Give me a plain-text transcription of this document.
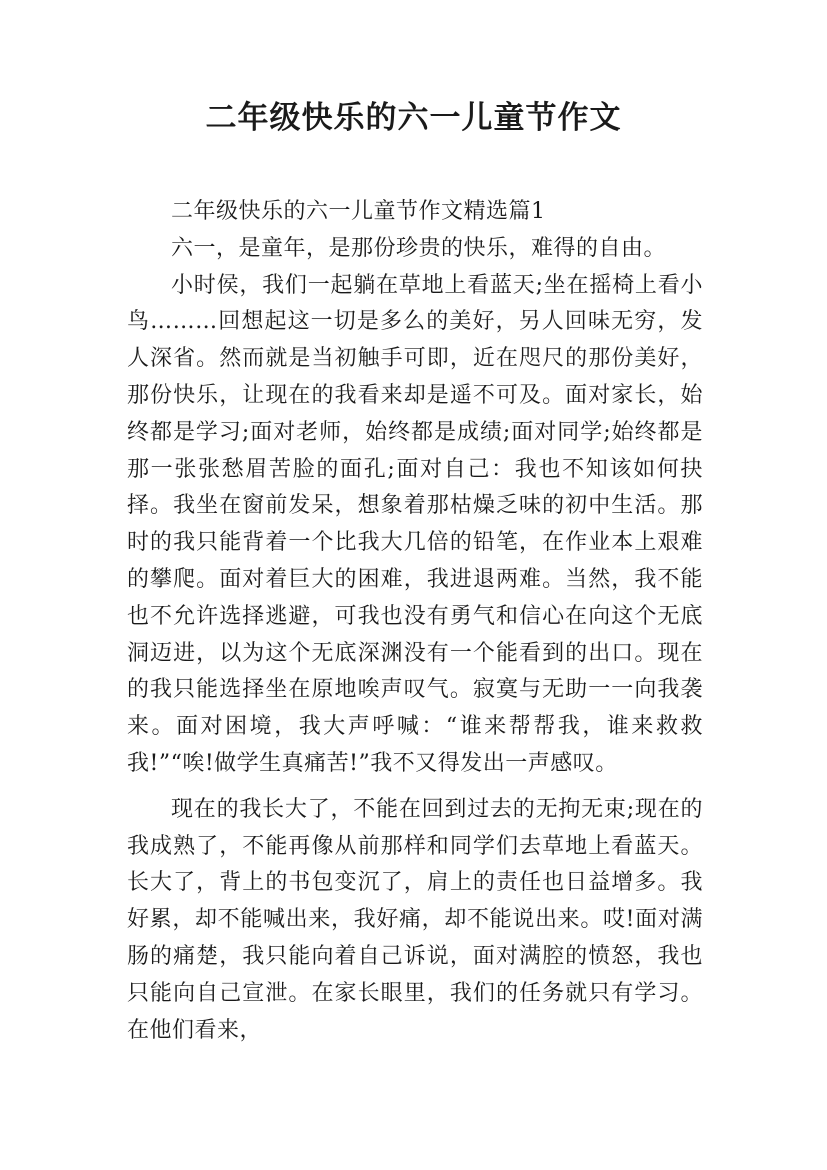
二年级快乐的六一儿童节作文

二年级快乐的六一儿童节作文精选篇1

六一，是童年，是那份珍贵的快乐，难得的自由。

小时侯，我们一起躺在草地上看蓝天;坐在摇椅上看小鸟………回想起这一切是多么的美好，另人回味无穷，发人深省。然而就是当初触手可即，近在咫尺的那份美好，那份快乐，让现在的我看来却是遥不可及。面对家长，始终都是学习;面对老师，始终都是成绩;面对同学;始终都是那一张张愁眉苦脸的面孔;面对自己：我也不知该如何抉择。我坐在窗前发呆，想象着那枯燥乏味的初中生活。那时的我只能背着一个比我大几倍的铅笔，在作业本上艰难的攀爬。面对着巨大的困难，我进退两难。当然，我不能也不允许选择逃避，可我也没有勇气和信心在向这个无底洞迈进，以为这个无底深渊没有一个能看到的出口。现在的我只能选择坐在原地唉声叹气。寂寞与无助一一向我袭来。面对困境，我大声呼喊：“谁来帮帮我，谁来救救我!”“唉!做学生真痛苦!”我不又得发出一声感叹。

现在的我长大了，不能在回到过去的无拘无束;现在的我成熟了，不能再像从前那样和同学们去草地上看蓝天。长大了，背上的书包变沉了，肩上的责任也日益增多。我好累，却不能喊出来，我好痛，却不能说出来。哎!面对满肠的痛楚，我只能向着自己诉说，面对满腔的愤怒，我也只能向自己宣泄。在家长眼里，我们的任务就只有学习。在他们看来，
